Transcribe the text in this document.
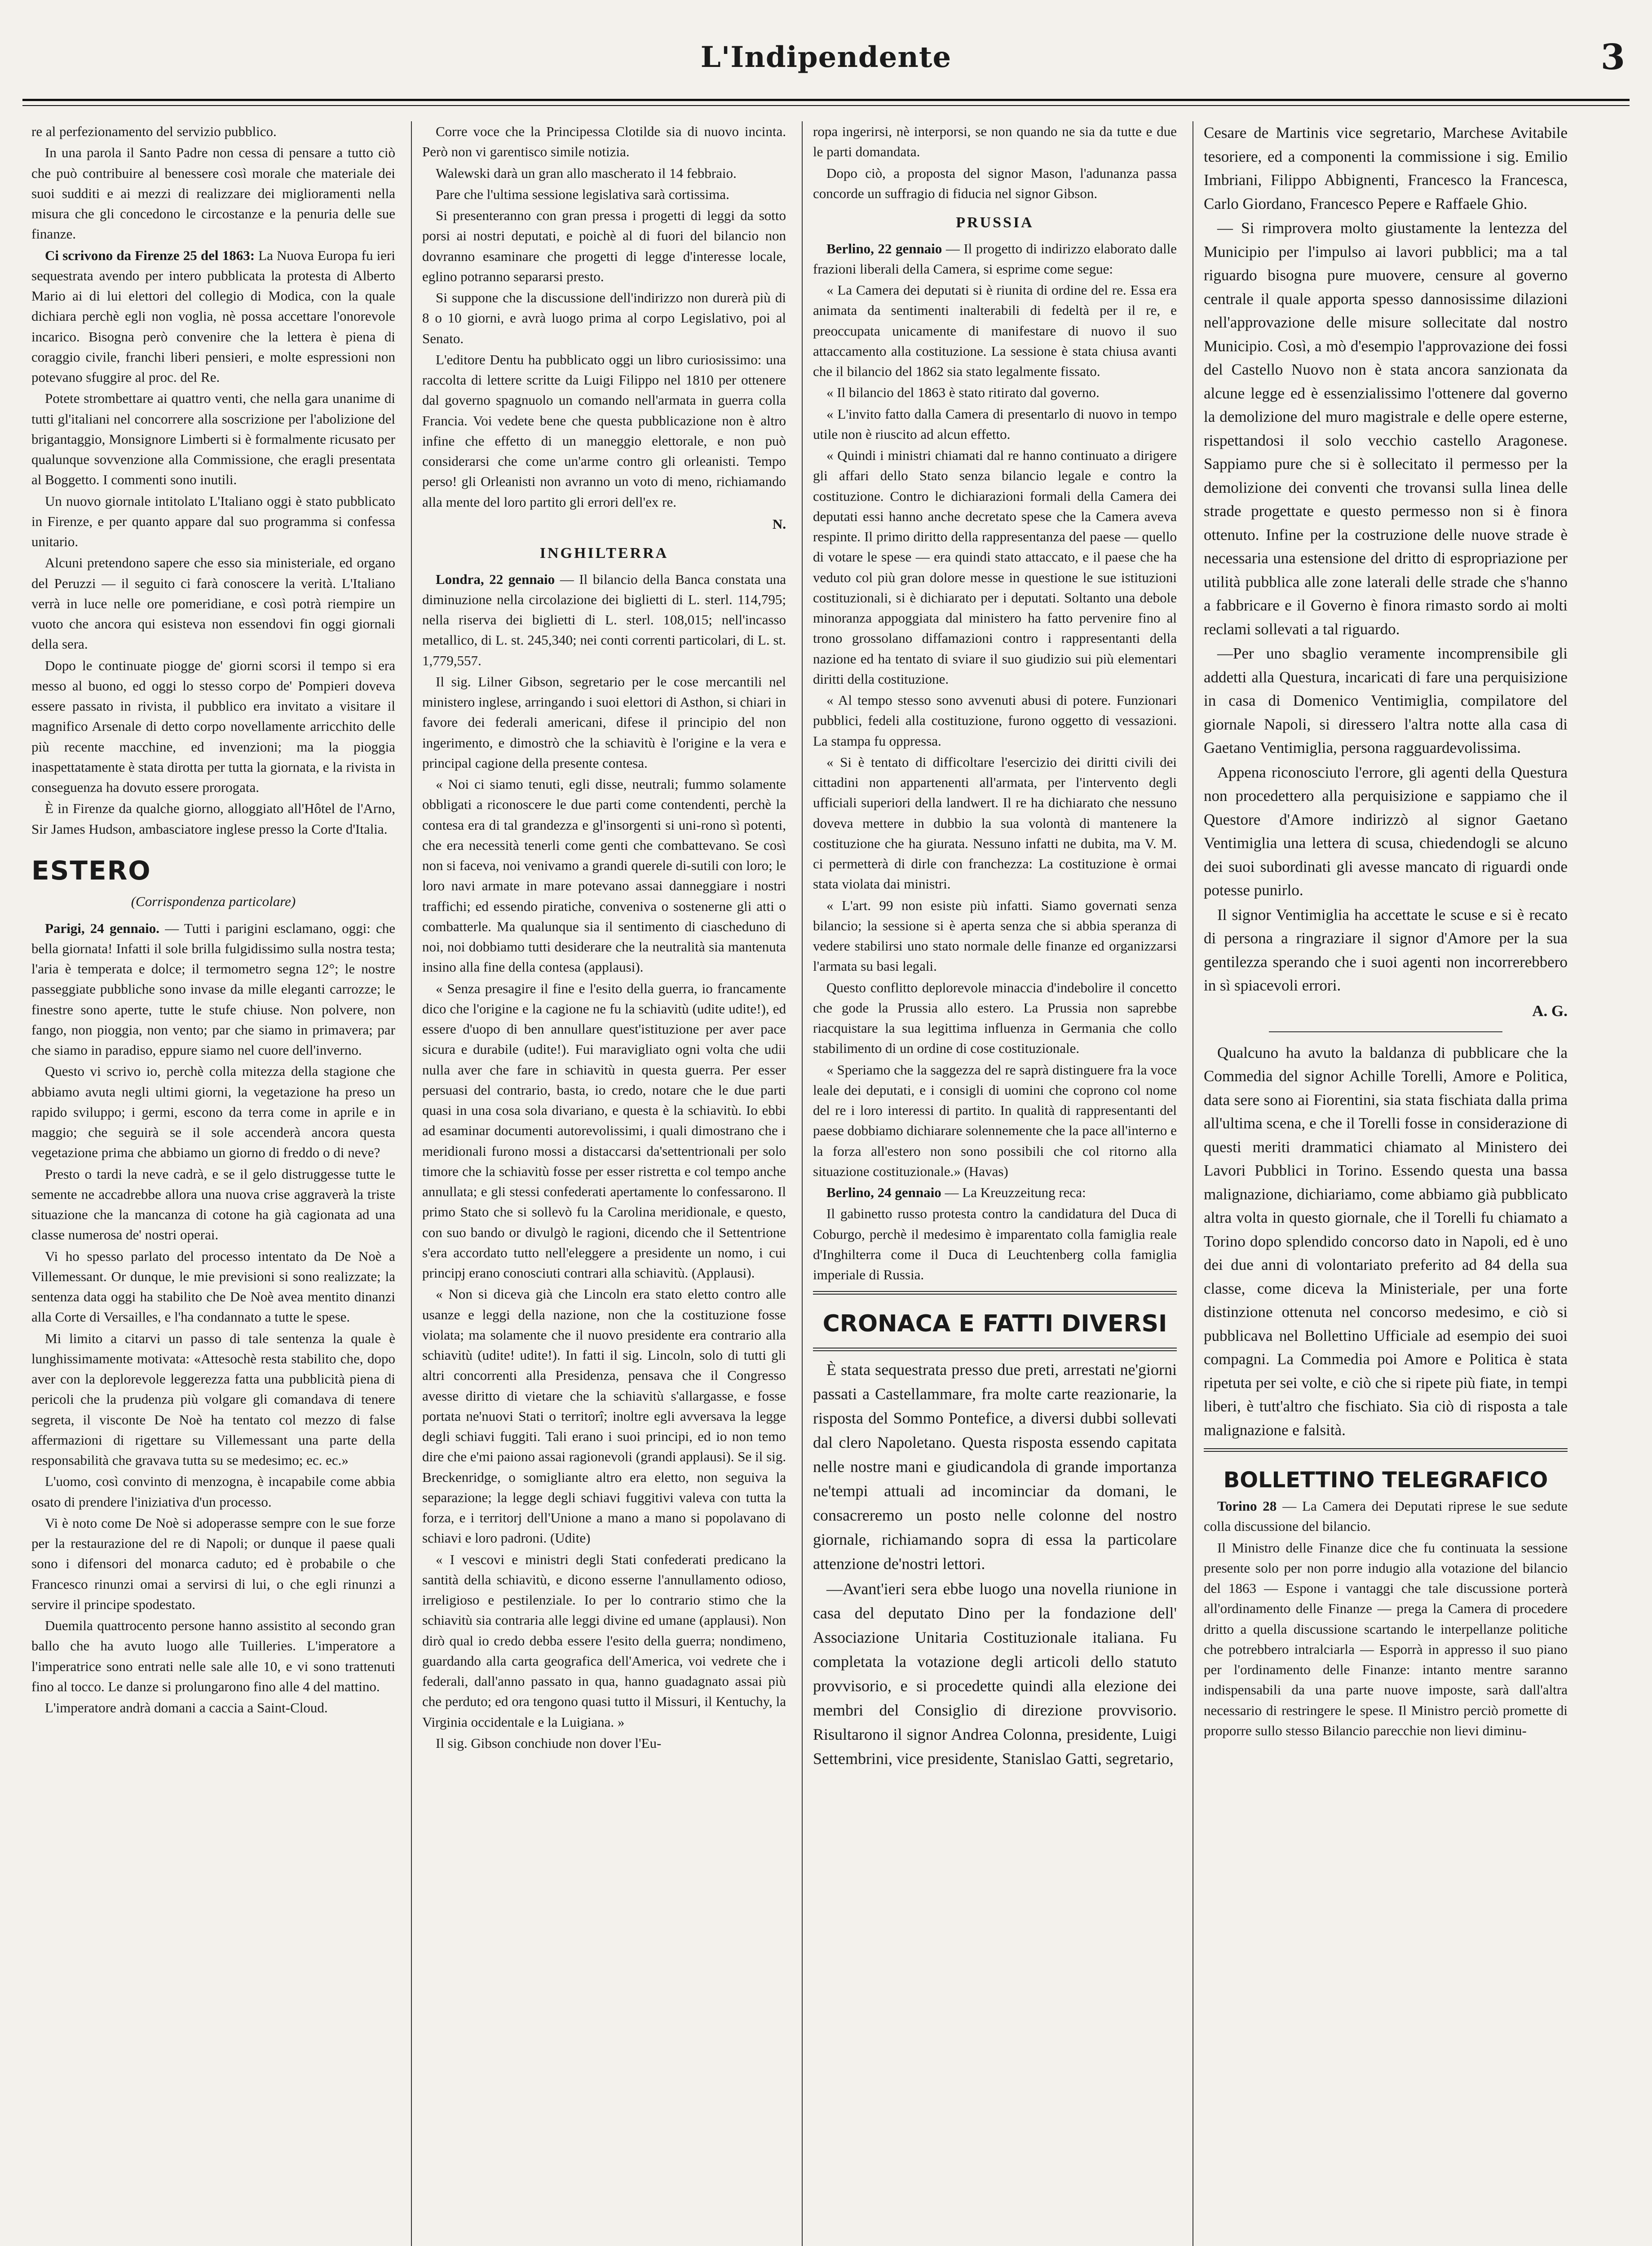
L'Indipendente	3

re al perfezionamento del servizio pubblico.

In una parola il Santo Padre non cessa di pensare a tutto ciò che può contribuire al benessere così morale che materiale dei suoi sudditi e ai mezzi di realizzare dei miglioramenti nella misura che gli concedono le circostanze e la penuria delle sue finanze.

Ci scrivono da Firenze 25 del 1863: La Nuova Europa fu ieri sequestrata avendo per intero pubblicata la protesta di Alberto Mario ai di lui elettori del collegio di Modica, con la quale dichiara perchè egli non voglia, nè possa accettare l'onorevole incarico. Bisogna però convenire che la lettera è piena di coraggio civile, franchi liberi pensieri, e molte espressioni non potevano sfuggire al proc. del Re.

Potete strombettare ai quattro venti, che nella gara unanime di tutti gl'italiani nel concorrere alla soscrizione per l'abolizione del brigantaggio, Monsignore Limberti si è formalmente ricusato per qualunque sovvenzione alla Commissione, che eragli presentata al Boggetto. I commenti sono inutili.

Un nuovo giornale intitolato L'Italiano oggi è stato pubblicato in Firenze, e per quanto appare dal suo programma si confessa unitario.

Alcuni pretendono sapere che esso sia ministeriale, ed organo del Peruzzi — il seguito ci farà conoscere la verità. L'Italiano verrà in luce nelle ore pomeridiane, e così potrà riempire un vuoto che ancora qui esisteva non essendovi fin oggi giornali della sera.

Dopo le continuate piogge de' giorni scorsi il tempo si era messo al buono, ed oggi lo stesso corpo de' Pompieri doveva essere passato in rivista, il pubblico era invitato a visitare il magnifico Arsenale di detto corpo novellamente arricchito delle più recente macchine, ed invenzioni; ma la pioggia inaspettatamente è stata dirotta per tutta la giornata, e la rivista in conseguenza ha dovuto essere prorogata.

È in Firenze da qualche giorno, alloggiato all'Hôtel de l'Arno, Sir James Hudson, ambasciatore inglese presso la Corte d'Italia.

ESTERO
(Corrispondenza particolare)

Parigi, 24 gennaio. — Tutti i parigini esclamano, oggi: che bella giornata! Infatti il sole brilla fulgidissimo sulla nostra testa; l'aria è temperata e dolce; il termometro segna 12°; le nostre passeggiate pubbliche sono invase da mille eleganti carrozze; le finestre sono aperte, tutte le stufe chiuse. Non polvere, non fango, non pioggia, non vento; par che siamo in primavera; par che siamo in paradiso, eppure siamo nel cuore dell'inverno.

Questo vi scrivo io, perchè colla mitezza della stagione che abbiamo avuta negli ultimi giorni, la vegetazione ha preso un rapido sviluppo; i germi, escono da terra come in aprile e in maggio; che seguirà se il sole accenderà ancora questa vegetazione prima che abbiamo un giorno di freddo o di neve?

Presto o tardi la neve cadrà, e se il gelo distruggesse tutte le semente ne accadrebbe allora una nuova crise aggraverà la triste situazione che la mancanza di cotone ha già cagionata ad una classe numerosa de' nostri operai.

Vi ho spesso parlato del processo intentato da De Noè a Villemessant. Or dunque, le mie previsioni si sono realizzate; la sentenza data oggi ha stabilito che De Noè avea mentito dinanzi alla Corte di Versailles, e l'ha condannato a tutte le spese.

Mi limito a citarvi un passo di tale sentenza la quale è lunghissimamente motivata: «Attesochè resta stabilito che, dopo aver con la deplorevole leggerezza fatta una pubblicità piena di pericoli che la prudenza più volgare gli comandava di tenere segreta, il visconte De Noè ha tentato col mezzo di false affermazioni di rigettare su Villemessant una parte della responsabilità che gravava tutta su se medesimo; ec. ec.»

L'uomo, così convinto di menzogna, è incapabile come abbia osato di prendere l'iniziativa d'un processo.

Vi è noto come De Noè si adoperasse sempre con le sue forze per la restaurazione del re di Napoli; or dunque il paese quali sono i difensori del monarca caduto; ed è probabile o che Francesco rinunzi omai a servirsi di lui, o che egli rinunzi a servire il principe spodestato.

Duemila quattrocento persone hanno assistito al secondo gran ballo che ha avuto luogo alle Tuilleries. L'imperatore a l'imperatrice sono entrati nelle sale alle 10, e vi sono trattenuti fino al tocco. Le danze si prolungarono fino alle 4 del mattino.

L'imperatore andrà domani a caccia a Saint-Cloud.

Corre voce che la Principessa Clotilde sia di nuovo incinta. Però non vi garentisco simile notizia.

Walewski darà un gran allo mascherato il 14 febbraio.

Pare che l'ultima sessione legislativa sarà cortissima.

Si presenteranno con gran pressa i progetti di leggi da sotto porsi ai nostri deputati, e poichè al di fuori del bilancio non dovranno esaminare che progetti di legge d'interesse locale, eglino potranno separarsi presto.

Si suppone che la discussione dell'indirizzo non durerà più di 8 o 10 giorni, e avrà luogo prima al corpo Legislativo, poi al Senato.

L'editore Dentu ha pubblicato oggi un libro curiosissimo: una raccolta di lettere scritte da Luigi Filippo nel 1810 per ottenere dal governo spagnuolo un comando nell'armata in guerra colla Francia. Voi vedete bene che questa pubblicazione non è altro infine che effetto di un maneggio elettorale, e non può considerarsi che come un'arme contro gli orleanisti. Tempo perso! gli Orleanisti non avranno un voto di meno, richiamando alla mente del loro partito gli errori dell'ex re.

N.
INGHILTERRA

Londra, 22 gennaio — Il bilancio della Banca constata una diminuzione nella circolazione dei biglietti di L. sterl. 114,795; nella riserva dei biglietti di L. sterl. 108,015; nell'incasso metallico, di L. st. 245,340; nei conti correnti particolari, di L. st. 1,779,557.

Il sig. Lilner Gibson, segretario per le cose mercantili nel ministero inglese, arringando i suoi elettori di Asthon, si chiari in favore dei federali americani, difese il principio del non ingerimento, e dimostrò che la schiavitù è l'origine e la vera e principal cagione della presente contesa.

« Noi ci siamo tenuti, egli disse, neutrali; fummo solamente obbligati a riconoscere le due parti come contendenti, perchè la contesa era di tal grandezza e gl'insorgenti si uni-rono sì potenti, che era necessità tenerli come genti che combattevano. Se così non si faceva, noi venivamo a grandi querele di-sutili con loro; le loro navi armate in mare potevano assai danneggiare i nostri traffichi; ed essendo piratiche, conveniva o sostenerne gli atti o combatterle. Ma qualunque sia il sentimento di ciascheduno di noi, noi dobbiamo tutti desiderare che la neutralità sia mantenuta insino alla fine della contesa (applausi).

« Senza presagire il fine e l'esito della guerra, io francamente dico che l'origine e la cagione ne fu la schiavitù (udite udite!), ed essere d'uopo di ben annullare quest'istituzione per aver pace sicura e durabile (udite!). Fui maravigliato ogni volta che udii nulla aver che fare in schiavitù in questa guerra. Per esser persuasi del contrario, basta, io credo, notare che le due parti quasi in una cosa sola divariano, e questa è la schiavitù. Io ebbi ad esaminar documenti autorevolissimi, i quali dimostrano che i meridionali furono mossi a distaccarsi da'settentrionali per solo timore che la schiavitù fosse per esser ristretta e col tempo anche annullata; e gli stessi confederati apertamente lo confessarono. Il primo Stato che si sollevò fu la Carolina meridionale, e questo, con suo bando or divulgò le ragioni, dicendo che il Settentrione s'era accordato tutto nell'eleggere a presidente un nomo, i cui principj erano conosciuti contrari alla schiavitù. (Applausi).

« Non si diceva già che Lincoln era stato eletto contro alle usanze e leggi della nazione, non che la costituzione fosse violata; ma solamente che il nuovo presidente era contrario alla schiavitù (udite! udite!). In fatti il sig. Lincoln, solo di tutti gli altri concorrenti alla Presidenza, pensava che il Congresso avesse diritto di vietare che la schiavitù s'allargasse, e fosse portata ne'nuovi Stati o territorî; inoltre egli avversava la legge degli schiavi fuggiti. Tali erano i suoi principi, ed io non temo dire che e'mi paiono assai ragionevoli (grandi applausi). Se il sig. Breckenridge, o somigliante altro era eletto, non seguiva la separazione; la legge degli schiavi fuggitivi valeva con tutta la forza, e i territorj dell'Unione a mano a mano si popolavano di schiavi e loro padroni. (Udite)

« I vescovi e ministri degli Stati confederati predicano la santità della schiavitù, e dicono esserne l'annullamento odioso, irreligioso e pestilenziale. Io per lo contrario stimo che la schiavitù sia contraria alle leggi divine ed umane (applausi). Non dirò qual io credo debba essere l'esito della guerra; nondimeno, guardando alla carta geografica dell'America, voi vedrete che i federali, dall'anno passato in qua, hanno guadagnato assai più che perduto; ed ora tengono quasi tutto il Missuri, il Kentuchy, la Virginia occidentale e la Luigiana. »

Il sig. Gibson conchiude non dover l'Eu-

ropa ingerirsi, nè interporsi, se non quando ne sia da tutte e due le parti domandata.

Dopo ciò, a proposta del signor Mason, l'adunanza passa concorde un suffragio di fiducia nel signor Gibson.

PRUSSIA

Berlino, 22 gennaio — Il progetto di indirizzo elaborato dalle frazioni liberali della Camera, si esprime come segue:

« La Camera dei deputati si è riunita di ordine del re. Essa era animata da sentimenti inalterabili di fedeltà per il re, e preoccupata unicamente di manifestare di nuovo il suo attaccamento alla costituzione. La sessione è stata chiusa avanti che il bilancio del 1862 sia stato legalmente fissato.

« Il bilancio del 1863 è stato ritirato dal governo.

« L'invito fatto dalla Camera di presentarlo di nuovo in tempo utile non è riuscito ad alcun effetto.

« Quindi i ministri chiamati dal re hanno continuato a dirigere gli affari dello Stato senza bilancio legale e contro la costituzione. Contro le dichiarazioni formali della Camera dei deputati essi hanno anche decretato spese che la Camera aveva respinte. Il primo diritto della rappresentanza del paese — quello di votare le spese — era quindi stato attaccato, e il paese che ha veduto col più gran dolore messe in questione le sue istituzioni costituzionali, si è dichiarato per i deputati. Soltanto una debole minoranza appoggiata dal ministero ha fatto pervenire fino al trono grossolano diffamazioni contro i rappresentanti della nazione ed ha tentato di sviare il suo giudizio sui più elementari diritti della costituzione.

« Al tempo stesso sono avvenuti abusi di potere. Funzionari pubblici, fedeli alla costituzione, furono oggetto di vessazioni. La stampa fu oppressa.

« Si è tentato di difficoltare l'esercizio dei diritti civili dei cittadini non appartenenti all'armata, per l'intervento degli ufficiali superiori della landwert. Il re ha dichiarato che nessuno doveva mettere in dubbio la sua volontà di mantenere la costituzione che ha giurata. Nessuno infatti ne dubita, ma V. M. ci permetterà di dirle con franchezza: La costituzione è ormai stata violata dai ministri.

« L'art. 99 non esiste più infatti. Siamo governati senza bilancio; la sessione si è aperta senza che si abbia speranza di vedere stabilirsi uno stato normale delle finanze ed organizzarsi l'armata su basi legali.

Questo conflitto deplorevole minaccia d'indebolire il concetto che gode la Prussia allo estero. La Prussia non saprebbe riacquistare la sua legittima influenza in Germania che collo stabilimento di un ordine di cose costituzionale.

« Speriamo che la saggezza del re saprà distinguere fra la voce leale dei deputati, e i consigli di uomini che coprono col nome del re i loro interessi di partito. In qualità di rappresentanti del paese dobbiamo dichiarare solennemente che la pace all'interno e la forza all'estero non sono possibili che col ritorno alla situazione costituzionale.» (Havas)

Berlino, 24 gennaio — La Kreuzzeitung reca:

Il gabinetto russo protesta contro la candidatura del Duca di Coburgo, perchè il medesimo è imparentato colla famiglia reale d'Inghilterra come il Duca di Leuchtenberg colla famiglia imperiale di Russia.

CRONACA E FATTI DIVERSI

È stata sequestrata presso due preti, arrestati ne'giorni passati a Castellammare, fra molte carte reazionarie, la risposta del Sommo Pontefice, a diversi dubbi sollevati dal clero Napoletano. Questa risposta essendo capitata nelle nostre mani e giudicandola di grande importanza ne'tempi attuali ad incominciar da domani, le consacreremo un posto nelle colonne del nostro giornale, richiamando sopra di essa la particolare attenzione de'nostri lettori.

—Avant'ieri sera ebbe luogo una novella riunione in casa del deputato Dino per la fondazione dell' Associazione Unitaria Costituzionale italiana. Fu completata la votazione degli articoli dello statuto provvisorio, e si procedette quindi alla elezione dei membri del Consiglio di direzione provvisorio. Risultarono il signor Andrea Colonna, presidente, Luigi Settembrini, vice presidente, Stanislao Gatti, segretario,

Cesare de Martinis vice segretario, Marchese Avitabile tesoriere, ed a componenti la commissione i sig. Emilio Imbriani, Filippo Abbignenti, Francesco la Francesca, Carlo Giordano, Francesco Pepere e Raffaele Ghio.

— Si rimprovera molto giustamente la lentezza del Municipio per l'impulso ai lavori pubblici; ma a tal riguardo bisogna pure muovere, censure al governo centrale il quale apporta spesso dannosissime dilazioni nell'approvazione delle misure sollecitate dal nostro Municipio. Così, a mò d'esempio l'approvazione dei fossi del Castello Nuovo non è stata ancora sanzionata da alcune legge ed è essenzialissimo l'ottenere dal governo la demolizione del muro magistrale e delle opere esterne, rispettandosi il solo vecchio castello Aragonese. Sappiamo pure che si è sollecitato il permesso per la demolizione dei conventi che trovansi sulla linea delle strade progettate e questo permesso non si è finora ottenuto. Infine per la costruzione delle nuove strade è necessaria una estensione del dritto di espropriazione per utilità pubblica alle zone laterali delle strade che s'hanno a fabbricare e il Governo è finora rimasto sordo ai molti reclami sollevati a tal riguardo.

—Per uno sbaglio veramente incomprensibile gli addetti alla Questura, incaricati di fare una perquisizione in casa di Domenico Ventimiglia, compilatore del giornale Napoli, si diressero l'altra notte alla casa di Gaetano Ventimiglia, persona ragguardevolissima.

Appena riconosciuto l'errore, gli agenti della Questura non procedettero alla perquisizione e sappiamo che il Questore d'Amore indirizzò al signor Gaetano Ventimiglia una lettera di scusa, chiedendogli se alcuno dei suoi subordinati gli avesse mancato di riguardi onde potesse punirlo.

Il signor Ventimiglia ha accettate le scuse e si è recato di persona a ringraziare il signor d'Amore per la sua gentilezza sperando che i suoi agenti non incorrerebbero in sì spiacevoli errori.

A. G.

Qualcuno ha avuto la baldanza di pubblicare che la Commedia del signor Achille Torelli, Amore e Politica, data sere sono ai Fiorentini, sia stata fischiata dalla prima all'ultima scena, e che il Torelli fosse in considerazione di questi meriti drammatici chiamato al Ministero dei Lavori Pubblici in Torino. Essendo questa una bassa malignazione, dichiariamo, come abbiamo già pubblicato altra volta in questo giornale, che il Torelli fu chiamato a Torino dopo splendido concorso dato in Napoli, ed è uno dei due anni di volontariato preferito ad 84 della sua classe, come diceva la Ministeriale, per una forte distinzione ottenuta nel concorso medesimo, e ciò si pubblicava nel Bollettino Ufficiale ad esempio dei suoi compagni. La Commedia poi Amore e Politica è stata ripetuta per sei volte, e ciò che si ripete più fiate, in tempi liberi, è tutt'altro che fischiato. Sia ciò di risposta a tale malignazione e falsità.

BOLLETTINO TELEGRAFICO

Torino 28 — La Camera dei Deputati riprese le sue sedute colla discussione del bilancio.

Il Ministro delle Finanze dice che fu continuata la sessione presente solo per non porre indugio alla votazione del bilancio del 1863 — Espone i vantaggi che tale discussione porterà all'ordinamento delle Finanze — prega la Camera di procedere dritto a quella discussione scartando le interpellanze politiche che potrebbero intralciarla — Esporrà in appresso il suo piano per l'ordinamento delle Finanze: intanto mentre saranno indispensabili da una parte nuove imposte, sarà dall'altra necessario di restringere le spese. Il Ministro perciò promette di proporre sullo stesso Bilancio parecchie non lievi diminu-
